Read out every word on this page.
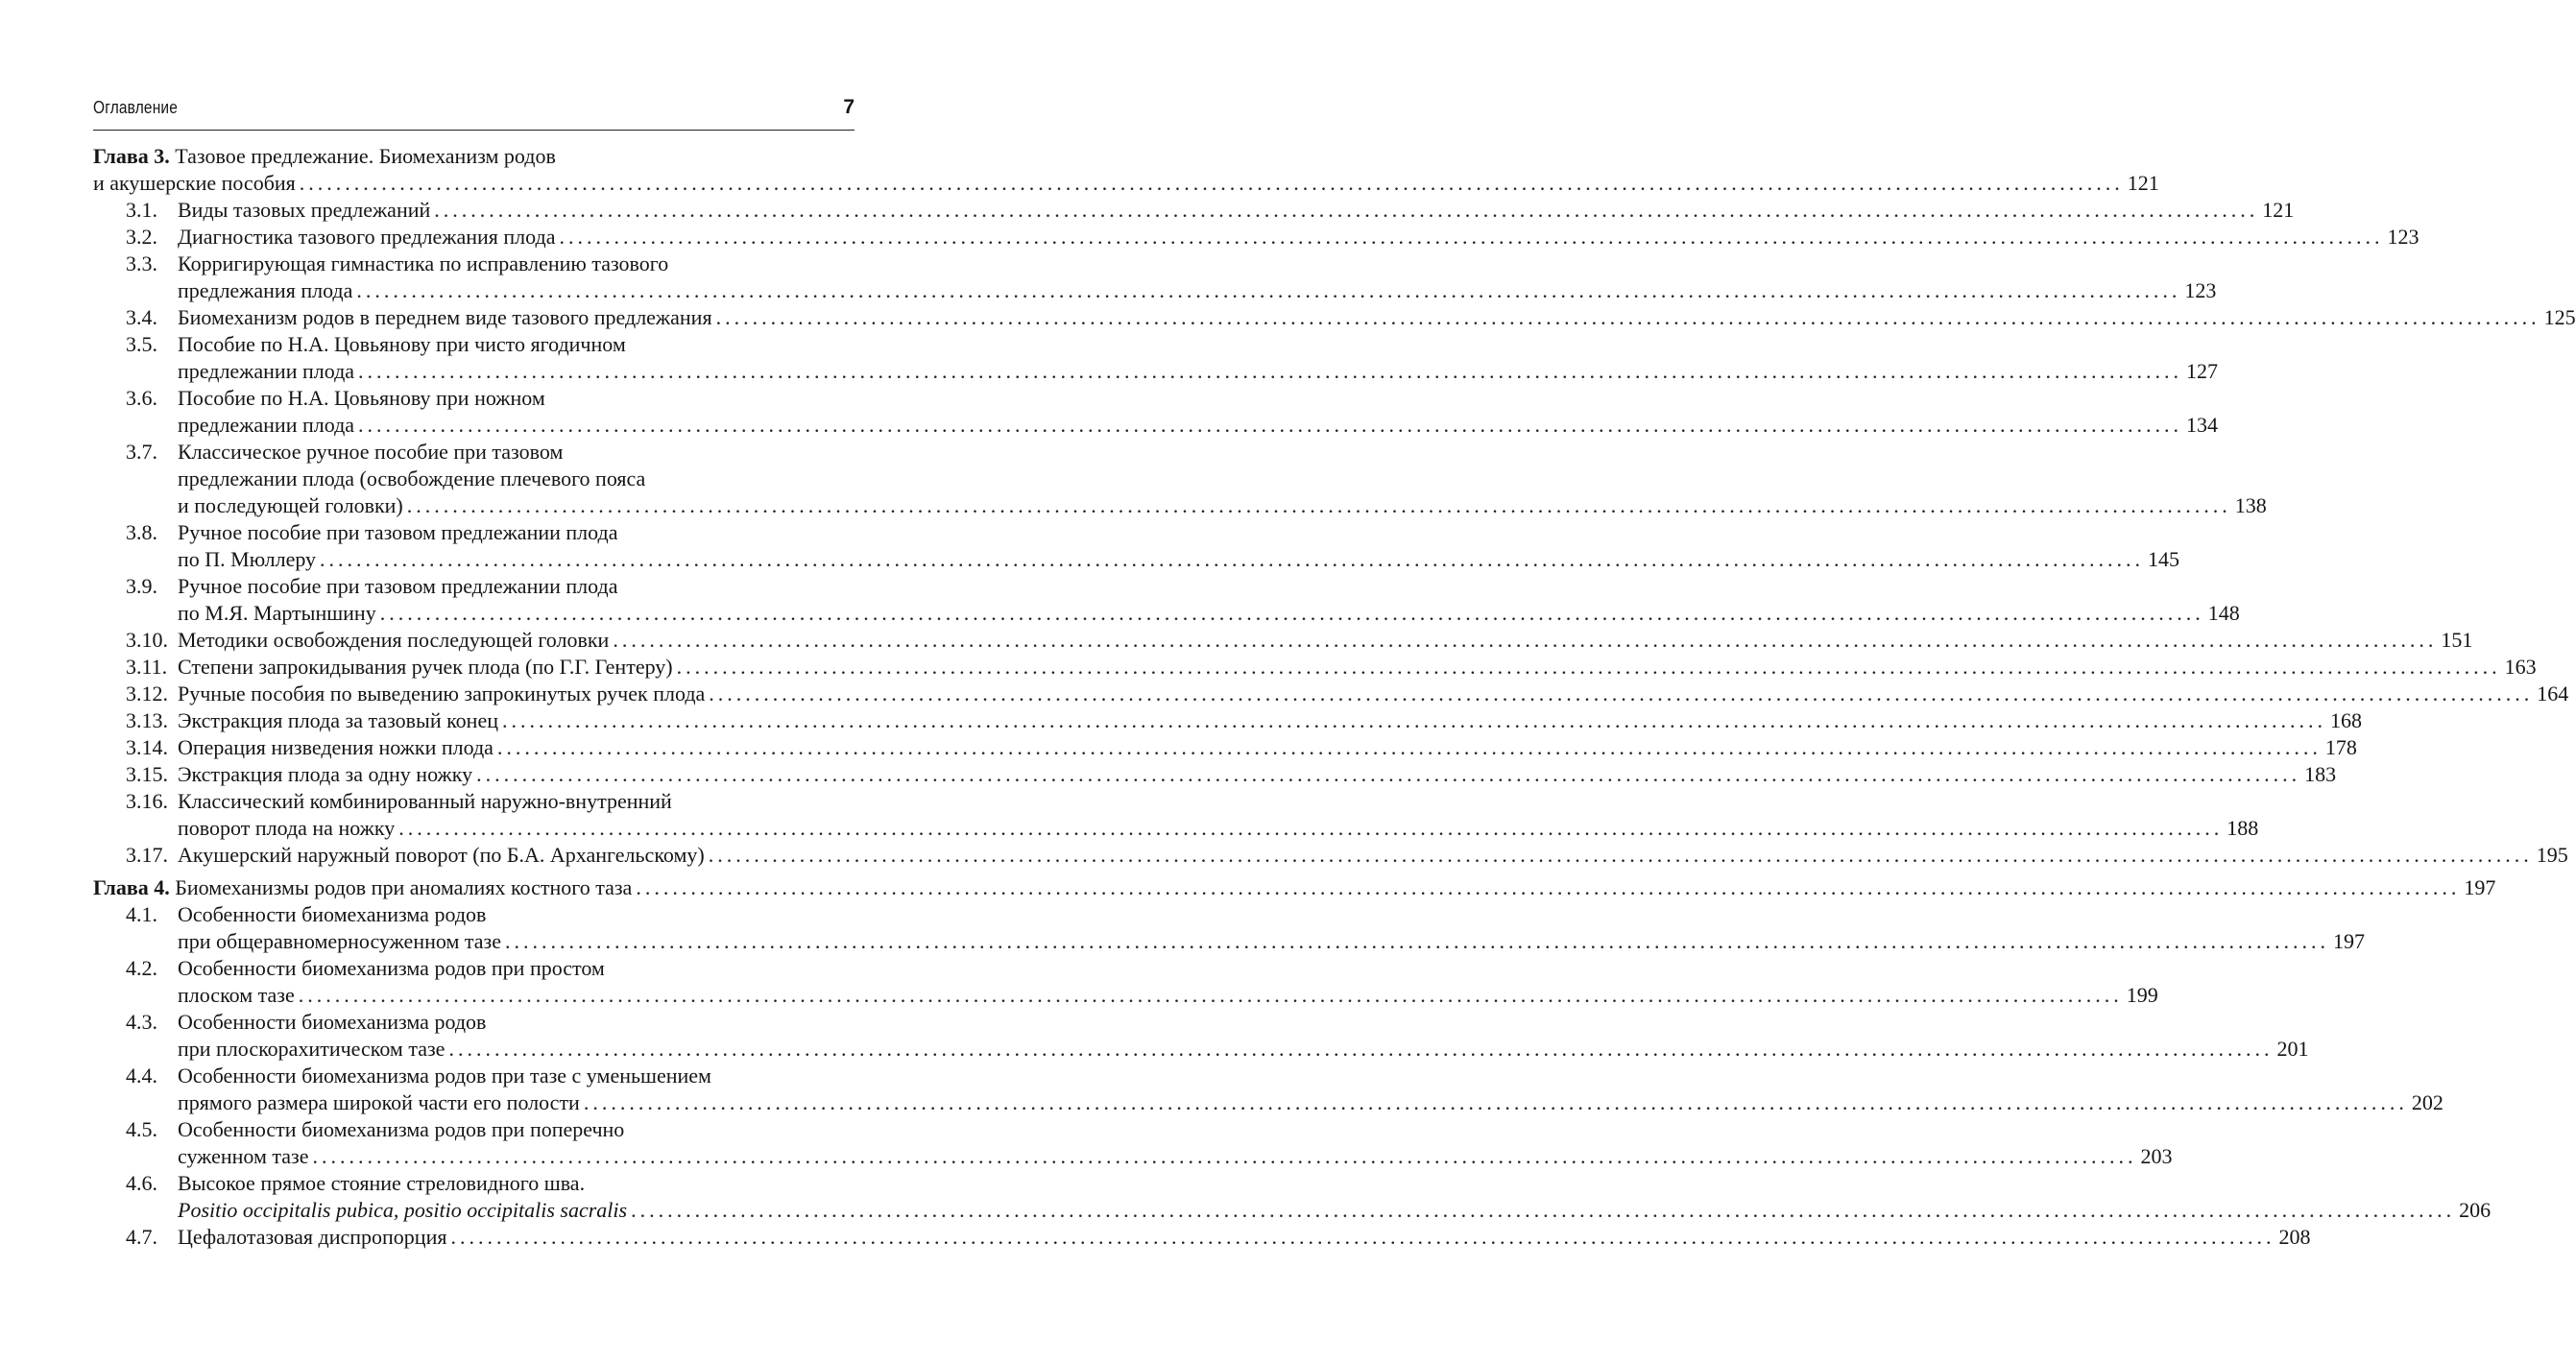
Оглавление	7
Глава 3. Тазовое предлежание. Биомеханизм родов
и акушерские пособия ........................................................................................................................................................................................................ 121
3.1. Виды тазовых предлежаний ........................................................................................................................................................................................................ 121
3.2. Диагностика тазового предлежания плода ........................................................................................................................................................................................................ 123
3.3. Корригирующая гимнастика по исправлению тазового
предлежания плода ........................................................................................................................................................................................................ 123
3.4. Биомеханизм родов в переднем виде тазового предлежания ........................................................................................................................................................................................................ 125
3.5. Пособие по Н.А. Цовьянову при чисто ягодичном
предлежании плода ........................................................................................................................................................................................................ 127
3.6. Пособие по Н.А. Цовьянову при ножном
предлежании плода ........................................................................................................................................................................................................ 134
3.7. Классическое ручное пособие при тазовом
предлежании плода (освобождение плечевого пояса
и последующей головки) ........................................................................................................................................................................................................ 138
3.8. Ручное пособие при тазовом предлежании плода
по П. Мюллеру ........................................................................................................................................................................................................ 145
3.9. Ручное пособие при тазовом предлежании плода
по М.Я. Мартыншину ........................................................................................................................................................................................................ 148
3.10. Методики освобождения последующей головки ........................................................................................................................................................................................................ 151
3.11. Степени запрокидывания ручек плода (по Г.Г. Гентеру) ........................................................................................................................................................................................................ 163
3.12. Ручные пособия по выведению запрокинутых ручек плода ........................................................................................................................................................................................................ 164
3.13. Экстракция плода за тазовый конец ........................................................................................................................................................................................................ 168
3.14. Операция низведения ножки плода ........................................................................................................................................................................................................ 178
3.15. Экстракция плода за одну ножку ........................................................................................................................................................................................................ 183
3.16. Классический комбинированный наружно-внутренний
поворот плода на ножку ........................................................................................................................................................................................................ 188
3.17. Акушерский наружный поворот (по Б.А. Архангельскому) ........................................................................................................................................................................................................ 195
Глава 4. Биомеханизмы родов при аномалиях костного таза ........................................................................................................................................................................................................ 197
4.1. Особенности биомеханизма родов
при общеравномерносуженном тазе ........................................................................................................................................................................................................ 197
4.2. Особенности биомеханизма родов при простом
плоском тазе ........................................................................................................................................................................................................ 199
4.3. Особенности биомеханизма родов
при плоскорахитическом тазе ........................................................................................................................................................................................................ 201
4.4. Особенности биомеханизма родов при тазе с уменьшением
прямого размера широкой части его полости ........................................................................................................................................................................................................ 202
4.5. Особенности биомеханизма родов при поперечно
суженном тазе ........................................................................................................................................................................................................ 203
4.6. Высокое прямое стояние стреловидного шва.
Positio occipitalis pubica, positio occipitalis sacralis ........................................................................................................................................................................................................ 206
4.7. Цефалотазовая диспропорция ........................................................................................................................................................................................................ 208
